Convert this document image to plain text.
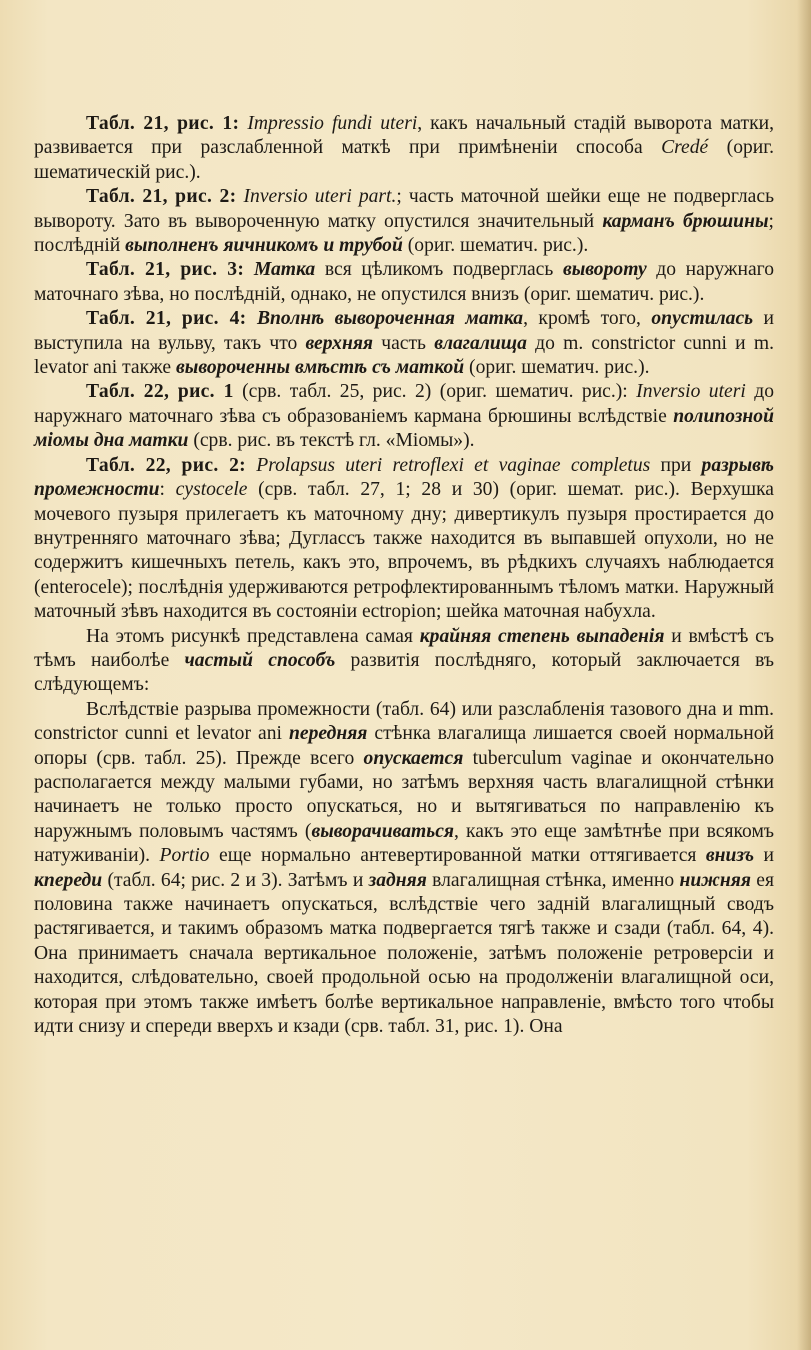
Табл. 21, рис. 1: Impressio fundi uteri, какъ начальный стадій выворота матки, развивается при разслабленной маткѣ при примѣненіи способа Credé (ориг. шематическій рис.).

Табл. 21, рис. 2: Inversio uteri part.; часть маточной шейки еще не подверглась вывороту. Зато въ вывороченную матку опустился значительный карманъ брюшины; послѣдній выполненъ яичникомъ и трубой (ориг. шематич. рис.).

Табл. 21, рис. 3: Матка вся цѣликомъ подверглась вывороту до наружнаго маточнаго зѣва, но послѣдній, однако, не опустился внизъ (ориг. шематич. рис.).

Табл. 21, рис. 4: Вполнѣ вывороченная матка, кромѣ того, опустилась и выступила на вульву, такъ что верхняя часть влагалища до m. constrictor cunni и m. levator ani также вывороченны вмѣстѣ съ маткой (ориг. шематич. рис.).

Табл. 22, рис. 1 (срв. табл. 25, рис. 2) (ориг. шематич. рис.): Inversio uteri до наружнаго маточнаго зѣва съ образованіемъ кармана брюшины вслѣдствіе полипозной міомы дна матки (срв. рис. въ текстѣ гл. «Міомы»).

Табл. 22, рис. 2: Prolapsus uteri retroflexi et vaginae completus при разрывѣ промежности: cystocele (срв. табл. 27, 1; 28 и 30) (ориг. шемат. рис.). Верхушка мочевого пузыря прилегаетъ къ маточному дну; дивертикулъ пузыря простирается до внутренняго маточнаго зѣва; Дугласcъ также находится въ выпавшей опухоли, но не содержитъ кишечныхъ петель, какъ это, впрочемъ, въ рѣдкихъ случаяхъ наблюдается (enterocele); послѣднія удерживаются ретрофлектированнымъ тѣломъ матки. Наружный маточный зѣвъ находится въ состояніи ectropion; шейка маточная набухла.

На этомъ рисункѣ представлена самая крайняя степень выпаденія и вмѣстѣ съ тѣмъ наиболѣе частый способъ развитія послѣдняго, который заключается въ слѣдующемъ:

Вслѣдствіе разрыва промежности (табл. 64) или разслабленія тазового дна и mm. constrictor cunni et levator ani передняя стѣнка влагалища лишается своей нормальной опоры (срв. табл. 25). Прежде всего опускается tuberculum vaginae и окончательно располагается между малыми губами, но затѣмъ верхняя часть влагалищной стѣнки начинаетъ не только просто опускаться, но и вытягиваться по направленію къ наружнымъ половымъ частямъ (выворачиваться, какъ это еще замѣтнѣе при всякомъ натуживаніи). Portio еще нормально антевертированной матки оттягивается внизъ и кпереди (табл. 64; рис. 2 и 3). Затѣмъ и задняя влагалищная стѣнка, именно нижняя ея половина также начинаетъ опускаться, вслѣдствіе чего задній влагалищный сводъ растягивается, и такимъ образомъ матка подвергается тягѣ также и сзади (табл. 64, 4). Она принимаетъ сначала вертикальное положеніе, затѣмъ положеніе ретроверсіи и находится, слѣдовательно, своей продольной осью на продолженіи влагалищной оси, которая при этомъ также имѣетъ болѣе вертикальное направленіе, вмѣсто того чтобы идти снизу и спереди вверхъ и кзади (срв. табл. 31, рис. 1). Она
